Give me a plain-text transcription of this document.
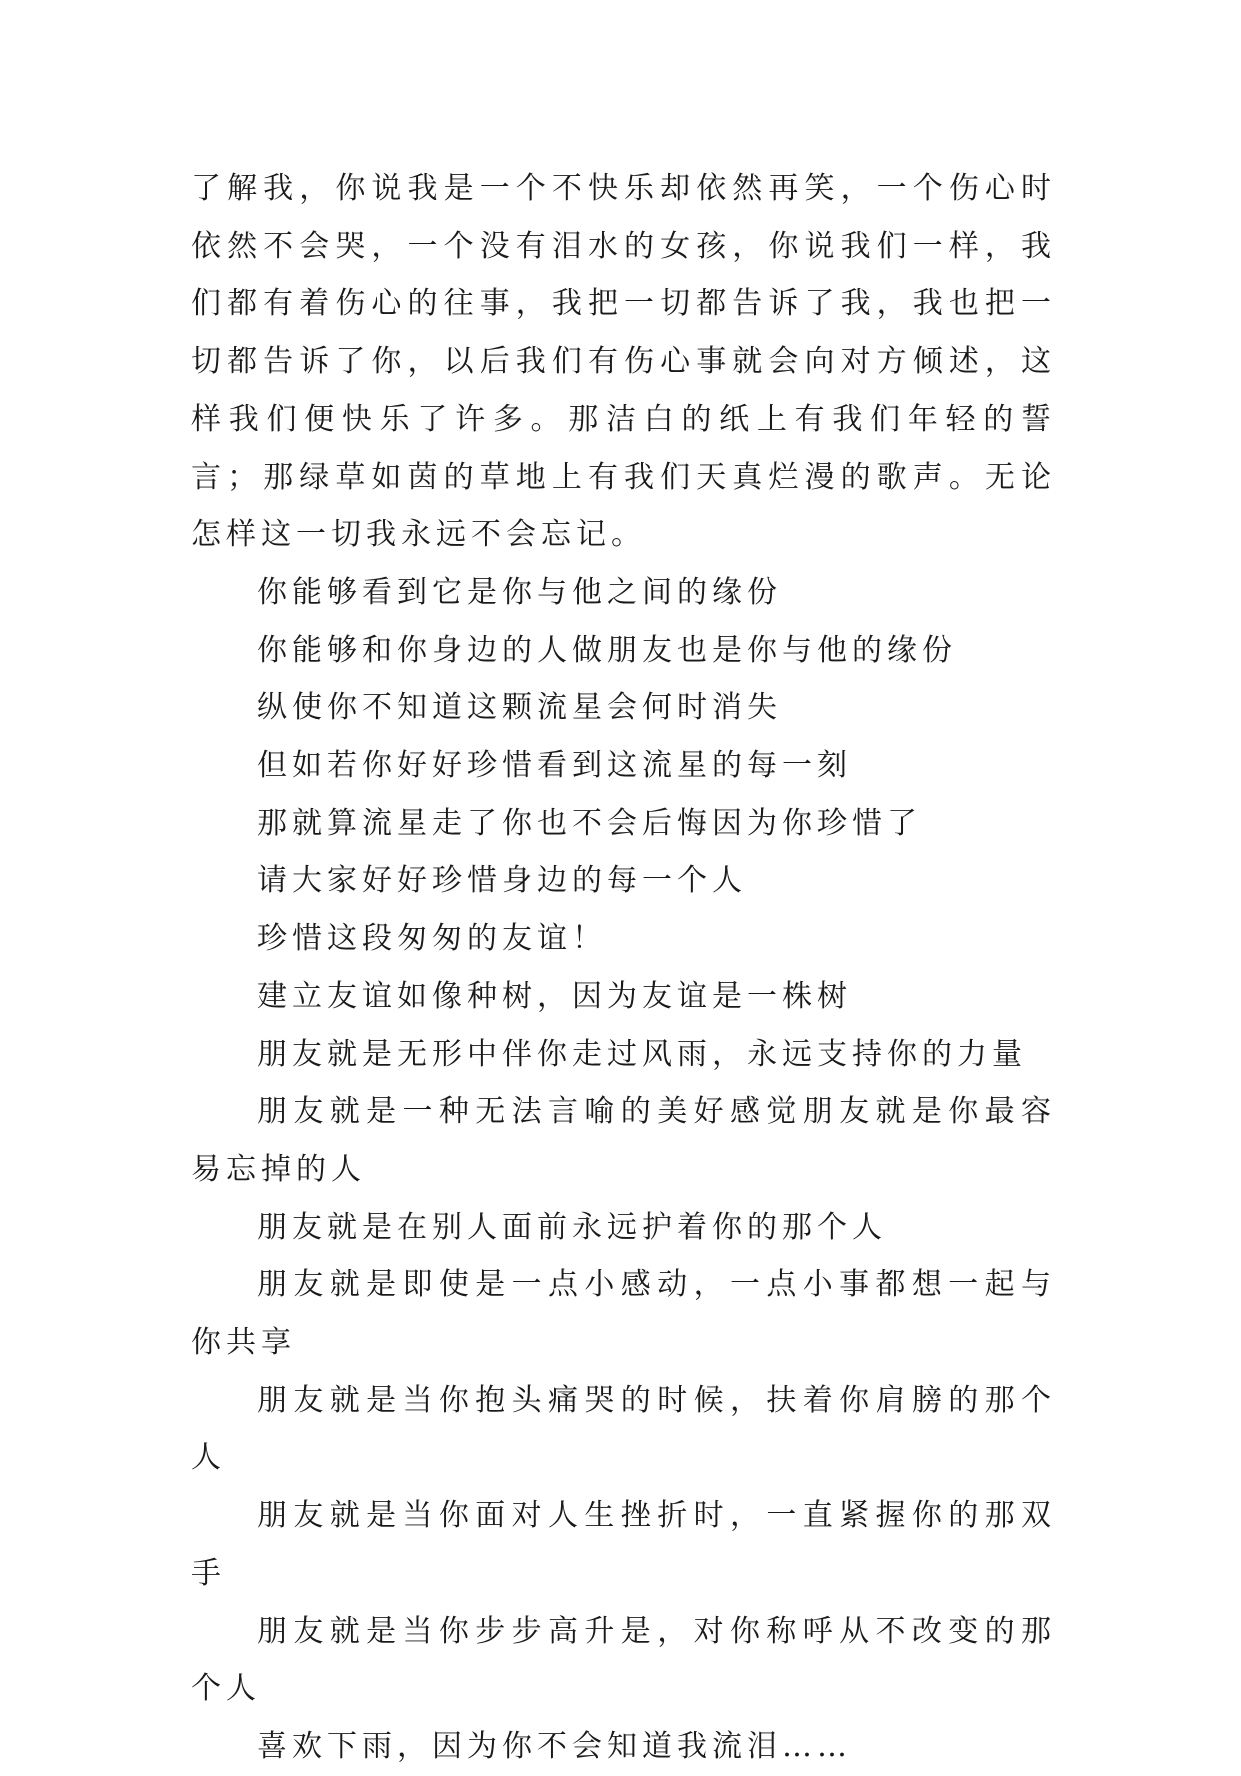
了解我，你说我是一个不快乐却依然再笑，一个伤心时依然不会哭，一个没有泪水的女孩，你说我们一样，我们都有着伤心的往事，我把一切都告诉了我，我也把一切都告诉了你，以后我们有伤心事就会向对方倾述，这样我们便快乐了许多。那洁白的纸上有我们年轻的誓言；那绿草如茵的草地上有我们天真烂漫的歌声。无论怎样这一切我永远不会忘记。

你能够看到它是你与他之间的缘份

你能够和你身边的人做朋友也是你与他的缘份

纵使你不知道这颗流星会何时消失

但如若你好好珍惜看到这流星的每一刻

那就算流星走了你也不会后悔因为你珍惜了

请大家好好珍惜身边的每一个人

珍惜这段匆匆的友谊！

建立友谊如像种树，因为友谊是一株树

朋友就是无形中伴你走过风雨，永远支持你的力量

朋友就是一种无法言喻的美好感觉朋友就是你最容易忘掉的人

朋友就是在别人面前永远护着你的那个人

朋友就是即使是一点小感动，一点小事都想一起与你共享

朋友就是当你抱头痛哭的时候，扶着你肩膀的那个人

朋友就是当你面对人生挫折时，一直紧握你的那双手

朋友就是当你步步高升是，对你称呼从不改变的那个人

喜欢下雨，因为你不会知道我流泪……
